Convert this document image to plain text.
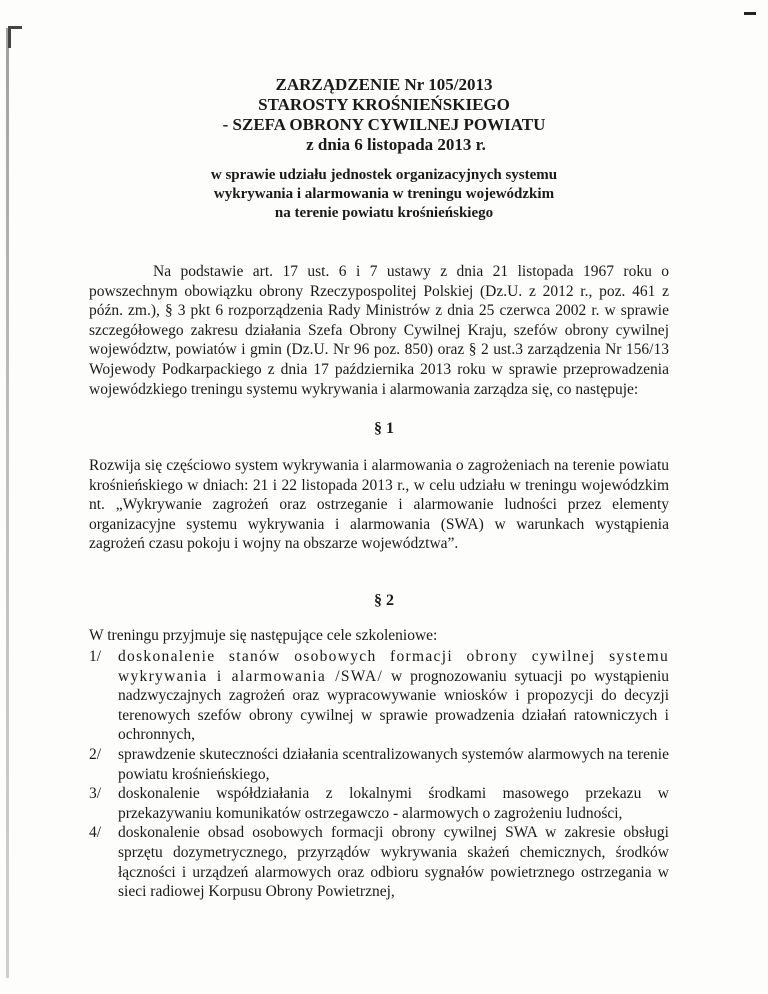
ZARZĄDZENIE Nr 105/2013
STAROSTY KROŚNIEŃSKIEGO
- SZEFA OBRONY CYWILNEJ POWIATU
z dnia 6 listopada 2013 r.
w sprawie udziału jednostek organizacyjnych systemu
wykrywania i alarmowania w treningu wojewódzkim
na terenie powiatu krośnieńskiego

Na podstawie art. 17 ust. 6 i 7 ustawy z dnia 21 listopada 1967 roku o powszechnym obowiązku obrony Rzeczypospolitej Polskiej (Dz.U. z 2012 r., poz. 461 z późn. zm.), § 3 pkt 6 rozporządzenia Rady Ministrów z dnia 25 czerwca 2002 r. w sprawie szczegółowego zakresu działania Szefa Obrony Cywilnej Kraju, szefów obrony cywilnej województw, powiatów i gmin (Dz.U. Nr 96 poz. 850) oraz § 2 ust.3 zarządzenia Nr 156/13 Wojewody Podkarpackiego z dnia 17 października 2013 roku w sprawie przeprowadzenia wojewódzkiego treningu systemu wykrywania i alarmowania zarządza się, co następuje:

§ 1

Rozwija się częściowo system wykrywania i alarmowania o zagrożeniach na terenie powiatu krośnieńskiego w dniach: 21 i 22 listopada 2013 r., w celu udziału w treningu wojewódzkim nt. „Wykrywanie zagrożeń oraz ostrzeganie i alarmowanie ludności przez elementy organizacyjne systemu wykrywania i alarmowania (SWA) w warunkach wystąpienia zagrożeń czasu pokoju i wojny na obszarze województwa”.

§ 2
W treningu przyjmuje się następujące cele szkoleniowe:
1/ doskonalenie stanów osobowych formacji obrony cywilnej systemu wykrywania i alarmowania /SWA/ w prognozowaniu sytuacji po wystąpieniu nadzwyczajnych zagrożeń oraz wypracowywanie wniosków i propozycji do decyzji terenowych szefów obrony cywilnej w sprawie prowadzenia działań ratowniczych i ochronnych,
2/ sprawdzenie skuteczności działania scentralizowanych systemów alarmowych na terenie powiatu krośnieńskiego,
3/ doskonalenie współdziałania z lokalnymi środkami masowego przekazu w przekazywaniu komunikatów ostrzegawczo - alarmowych o zagrożeniu ludności,
4/ doskonalenie obsad osobowych formacji obrony cywilnej SWA w zakresie obsługi sprzętu dozymetrycznego, przyrządów wykrywania skażeń chemicznych, środków łączności i urządzeń alarmowych oraz odbioru sygnałów powietrznego ostrzegania w sieci radiowej Korpusu Obrony Powietrznej,
